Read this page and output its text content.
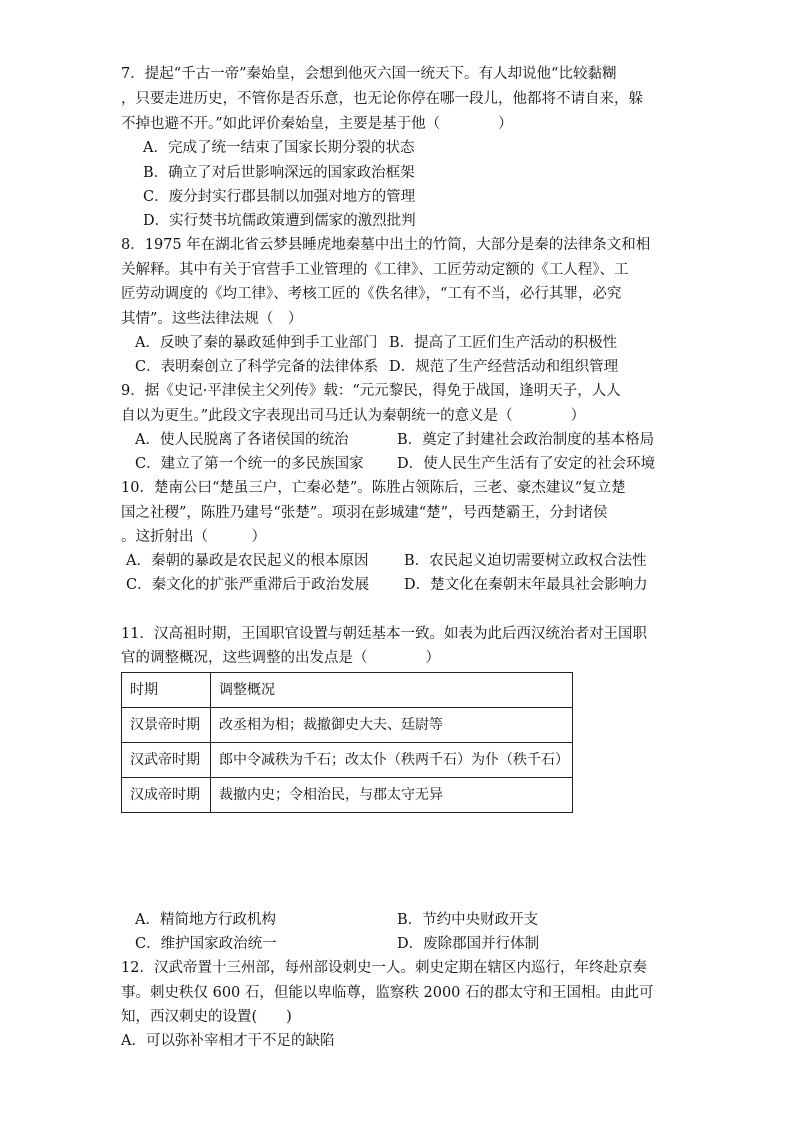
7．提起“千古一帝”秦始皇，会想到他灭六国一统天下。有人却说他“比较黏糊
，只要走进历史，不管你是否乐意，也无论你停在哪一段儿，他都将不请自来，躲
不掉也避不开。”如此评价秦始皇，主要是基于他（　　　　）
A．完成了统一结束了国家长期分裂的状态
B．确立了对后世影响深远的国家政治框架
C．废分封实行郡县制以加强对地方的管理
D．实行焚书坑儒政策遭到儒家的激烈批判
8．1975 年在湖北省云梦县睡虎地秦墓中出土的竹简，大部分是秦的法律条文和相
关解释。其中有关于官营手工业管理的《工律》、工匠劳动定额的《工人程》、工
匠劳动调度的《均工律》、考核工匠的《佚名律》，“工有不当，必行其罪，必究
其情”。这些法律法规（　）
A．反映了秦的暴政延伸到手工业部门 B．提高了工匠们生产活动的积极性
C．表明秦创立了科学完备的法律体系 D．规范了生产经营活动和组织管理
9．据《史记·平津侯主父列传》载：“元元黎民，得免于战国，逢明天子，人人
自以为更生。”此段文字表现出司马迁认为秦朝统一的意义是（　　　　）
A．使人民脱离了各诸侯国的统治	B．奠定了封建社会政治制度的基本格局
C．建立了第一个统一的多民族国家 D．使人民生产生活有了安定的社会环境
10．楚南公曰“楚虽三户，亡秦必楚”。陈胜占领陈后，三老、豪杰建议“复立楚
国之社稷”，陈胜乃建号“张楚”。项羽在彭城建“楚”，号西楚霸王，分封诸侯
。这折射出（　　　）
A．秦朝的暴政是农民起义的根本原因 B．农民起义迫切需要树立政权合法性
C．秦文化的扩张严重滞后于政治发展 D．楚文化在秦朝末年最具社会影响力
11．汉高祖时期，王国职官设置与朝廷基本一致。如表为此后西汉统治者对王国职
官的调整概况，这些调整的出发点是（　　　　）
时期	调整概况
汉景帝时期	改丞相为相；裁撤御史大夫、廷尉等
汉武帝时期	郎中令减秩为千石；改太仆（秩两千石）为仆（秩千石）
汉成帝时期	裁撤内史；令相治民，与郡太守无异
A．精简地方行政机构	B．节约中央财政开支
C．维护国家政治统一	D．废除郡国并行体制
12．汉武帝置十三州部，每州部设刺史一人。刺史定期在辖区内巡行，年终赴京奏
事。刺史秩仅 600 石，但能以卑临尊，监察秩 2000 石的郡太守和王国相。由此可
知，西汉刺史的设置(　　)
A．可以弥补宰相才干不足的缺陷
